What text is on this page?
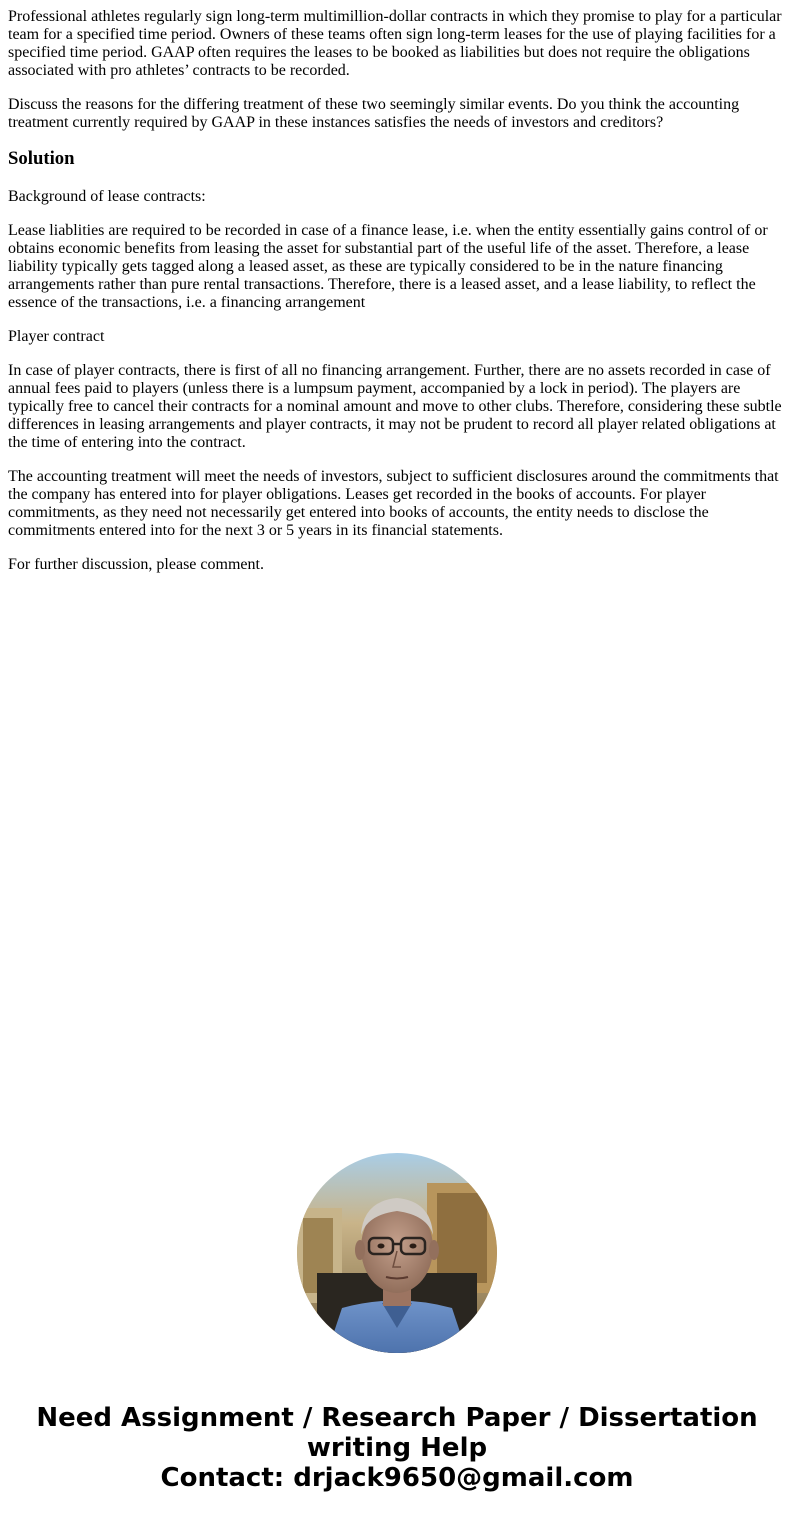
Professional athletes regularly sign long-term multimillion-dollar contracts in which they promise to play for a particular team for a specified time period. Owners of these teams often sign long-term leases for the use of playing facilities for a specified time period. GAAP often requires the leases to be booked as liabilities but does not require the obligations associated with pro athletes’ contracts to be recorded.

Discuss the reasons for the differing treatment of these two seemingly similar events. Do you think the accounting treatment currently required by GAAP in these instances satisfies the needs of investors and creditors?

Solution

Background of lease contracts:

Lease liablities are required to be recorded in case of a finance lease, i.e. when the entity essentially gains control of or obtains economic benefits from leasing the asset for substantial part of the useful life of the asset. Therefore, a lease liability typically gets tagged along a leased asset, as these are typically considered to be in the nature financing arrangements rather than pure rental transactions. Therefore, there is a leased asset, and a lease liability, to reflect the essence of the transactions, i.e. a financing arrangement

Player contract

In case of player contracts, there is first of all no financing arrangement. Further, there are no assets recorded in case of annual fees paid to players (unless there is a lumpsum payment, accompanied by a lock in period). The players are typically free to cancel their contracts for a nominal amount and move to other clubs. Therefore, considering these subtle differences in leasing arrangements and player contracts, it may not be prudent to record all player related obligations at the time of entering into the contract.

The accounting treatment will meet the needs of investors, subject to sufficient disclosures around the commitments that the company has entered into for player obligations. Leases get recorded in the books of accounts. For player commitments, as they need not necessarily get entered into books of accounts, the entity needs to disclose the commitments entered into for the next 3 or 5 years in its financial statements.

For further discussion, please comment.

Need Assignment / Research Paper / Dissertation
writing Help
Contact: drjack9650@gmail.com
